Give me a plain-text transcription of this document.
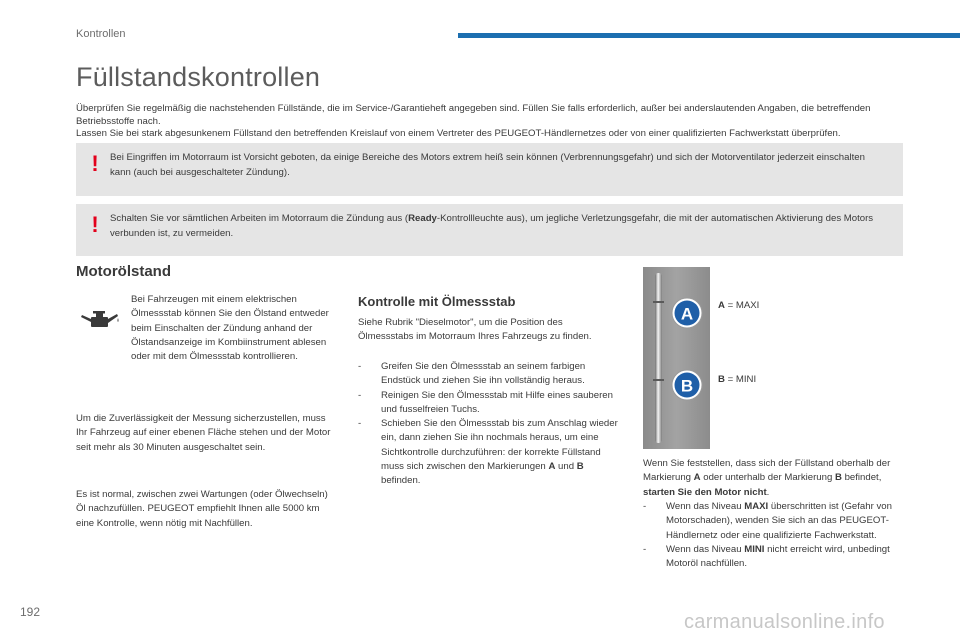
Kontrollen
Füllstandskontrollen

Überprüfen Sie regelmäßig die nachstehenden Füllstände, die im Service-/Garantieheft angegeben sind. Füllen Sie falls erforderlich, außer bei anderslautenden Angaben, die betreffenden Betriebsstoffe nach.

Lassen Sie bei stark abgesunkenem Füllstand den betreffenden Kreislauf von einem Vertreter des PEUGEOT-Händlernetzes oder von einer qualifizierten Fachwerkstatt überprüfen.

! Bei Eingriffen im Motorraum ist Vorsicht geboten, da einige Bereiche des Motors extrem heiß sein können (Verbrennungsgefahr) und sich der Motorventilator jederzeit einschalten kann (auch bei ausgeschalteter Zündung).
! Schalten Sie vor sämtlichen Arbeiten im Motorraum die Zündung aus (Ready-Kontrollleuchte aus), um jegliche Verletzungsgefahr, die mit der automatischen Aktivierung des Motors verbunden ist, zu vermeiden.
Motorölstand
Bei Fahrzeugen mit einem elektrischen Ölmessstab können Sie den Ölstand entweder beim Einschalten der Zündung anhand der Ölstandsanzeige im Kombiinstrument ablesen oder mit dem Ölmessstab kontrollieren.
Um die Zuverlässigkeit der Messung sicherzustellen, muss Ihr Fahrzeug auf einer ebenen Fläche stehen und der Motor seit mehr als 30 Minuten ausgeschaltet sein.
Es ist normal, zwischen zwei Wartungen (oder Ölwechseln) Öl nachzufüllen. PEUGEOT empfiehlt Ihnen alle 5000 km eine Kontrolle, wenn nötig mit Nachfüllen.
Kontrolle mit Ölmessstab
Siehe Rubrik "Dieselmotor", um die Position des Ölmessstabs im Motorraum Ihres Fahrzeugs zu finden.

- Greifen Sie den Ölmessstab an seinem farbigen Endstück und ziehen Sie ihn vollständig heraus.

- Reinigen Sie den Ölmessstab mit Hilfe eines sauberen und fusselfreien Tuchs.

- Schieben Sie den Ölmessstab bis zum Anschlag wieder ein, dann ziehen Sie ihn nochmals heraus, um eine Sichtkontrolle durchzuführen: der korrekte Füllstand muss sich zwischen den Markierungen A und B befinden.

A
B
A = MAXI
B = MINI
Wenn Sie feststellen, dass sich der Füllstand oberhalb der Markierung A oder unterhalb der Markierung B befindet, starten Sie den Motor nicht.

- Wenn das Niveau MAXI überschritten ist (Gefahr von Motorschaden), wenden Sie sich an das PEUGEOT-Händlernetz oder eine qualifizierte Fachwerkstatt.

- Wenn das Niveau MINI nicht erreicht wird, unbedingt Motoröl nachfüllen.

192	carmanualsonline.info
